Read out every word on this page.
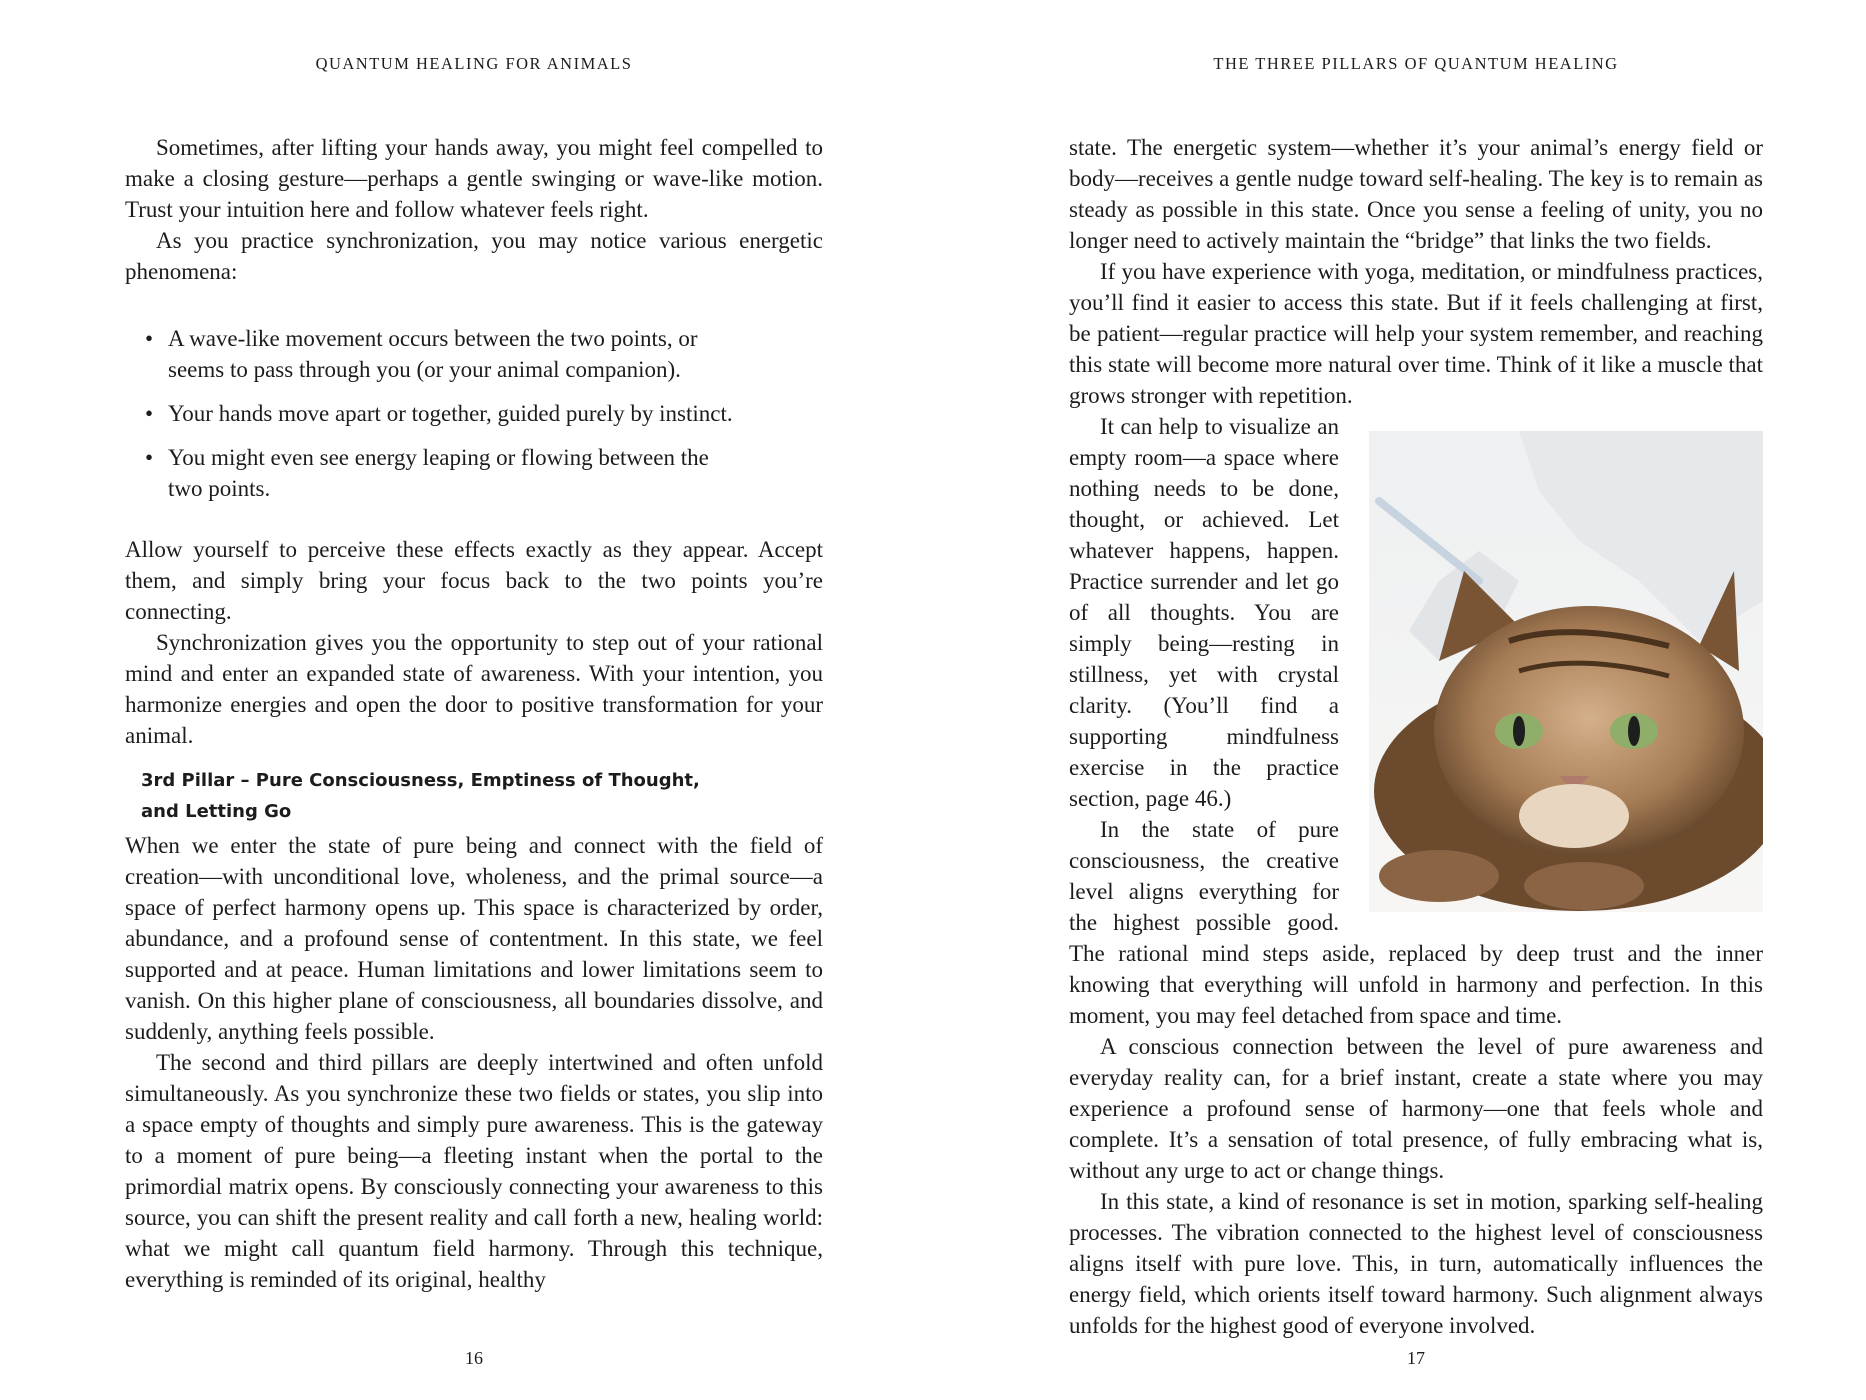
QUANTUM HEALING FOR ANIMALS

Sometimes, after lifting your hands away, you might feel compelled to make a closing gesture—perhaps a gentle swinging or wave-like motion. Trust your intuition here and follow whatever feels right.

As you practice synchronization, you may notice various energetic phenomena:

• A wave-like movement occurs between the two points, or seems to pass through you (or your animal companion).
• Your hands move apart or together, guided purely by instinct.
• You might even see energy leaping or flowing between the two points.

Allow yourself to perceive these effects exactly as they appear. Accept them, and simply bring your focus back to the two points you’re connecting.

Synchronization gives you the opportunity to step out of your rational mind and enter an expanded state of awareness. With your intention, you harmonize energies and open the door to positive transformation for your animal.

3rd Pillar – Pure Consciousness, Emptiness of Thought,
and Letting Go

When we enter the state of pure being and connect with the field of creation—with unconditional love, wholeness, and the primal source—a space of perfect harmony opens up. This space is characterized by order, abundance, and a profound sense of contentment. In this state, we feel supported and at peace. Human limitations and lower limitations seem to vanish. On this higher plane of consciousness, all boundaries dissolve, and suddenly, anything feels possible.

The second and third pillars are deeply intertwined and often unfold simultaneously. As you synchronize these two fields or states, you slip into a space empty of thoughts and simply pure awareness. This is the gateway to a moment of pure being—a fleeting instant when the portal to the primordial matrix opens. By consciously connecting your awareness to this source, you can shift the present reality and call forth a new, healing world: what we might call quantum field harmony. Through this technique, everything is reminded of its original, healthy

16
THE THREE PILLARS OF QUANTUM HEALING

state. The energetic system—whether it’s your animal’s energy field or body—receives a gentle nudge toward self-healing. The key is to remain as steady as possible in this state. Once you sense a feeling of unity, you no longer need to actively maintain the “bridge” that links the two fields.

If you have experience with yoga, meditation, or mindfulness practices, you’ll find it easier to access this state. But if it feels challenging at first, be patient—regular practice will help your system remember, and reaching this state will become more natural over time. Think of it like a muscle that grows stronger with repetition.

It can help to visualize an empty room—a space where nothing needs to be done, thought, or achieved. Let whatever happens, happen. Practice surrender and let go of all thoughts. You are simply being—resting in stillness, yet with crystal clarity. (You’ll find a supporting mindfulness exercise in the practice section, page 46.)

In the state of pure consciousness, the creative level aligns everything for the highest possible good. The rational mind steps aside, replaced by deep trust and the inner knowing that everything will unfold in harmony and perfection. In this moment, you may feel detached from space and time.

A conscious connection between the level of pure awareness and everyday reality can, for a brief instant, create a state where you may experience a profound sense of harmony—one that feels whole and complete. It’s a sensation of total presence, of fully embracing what is, without any urge to act or change things.

In this state, a kind of resonance is set in motion, sparking self-healing processes. The vibration connected to the highest level of consciousness aligns itself with pure love. This, in turn, automatically influences the energy field, which orients itself toward harmony. Such alignment always unfolds for the highest good of everyone involved.

17
